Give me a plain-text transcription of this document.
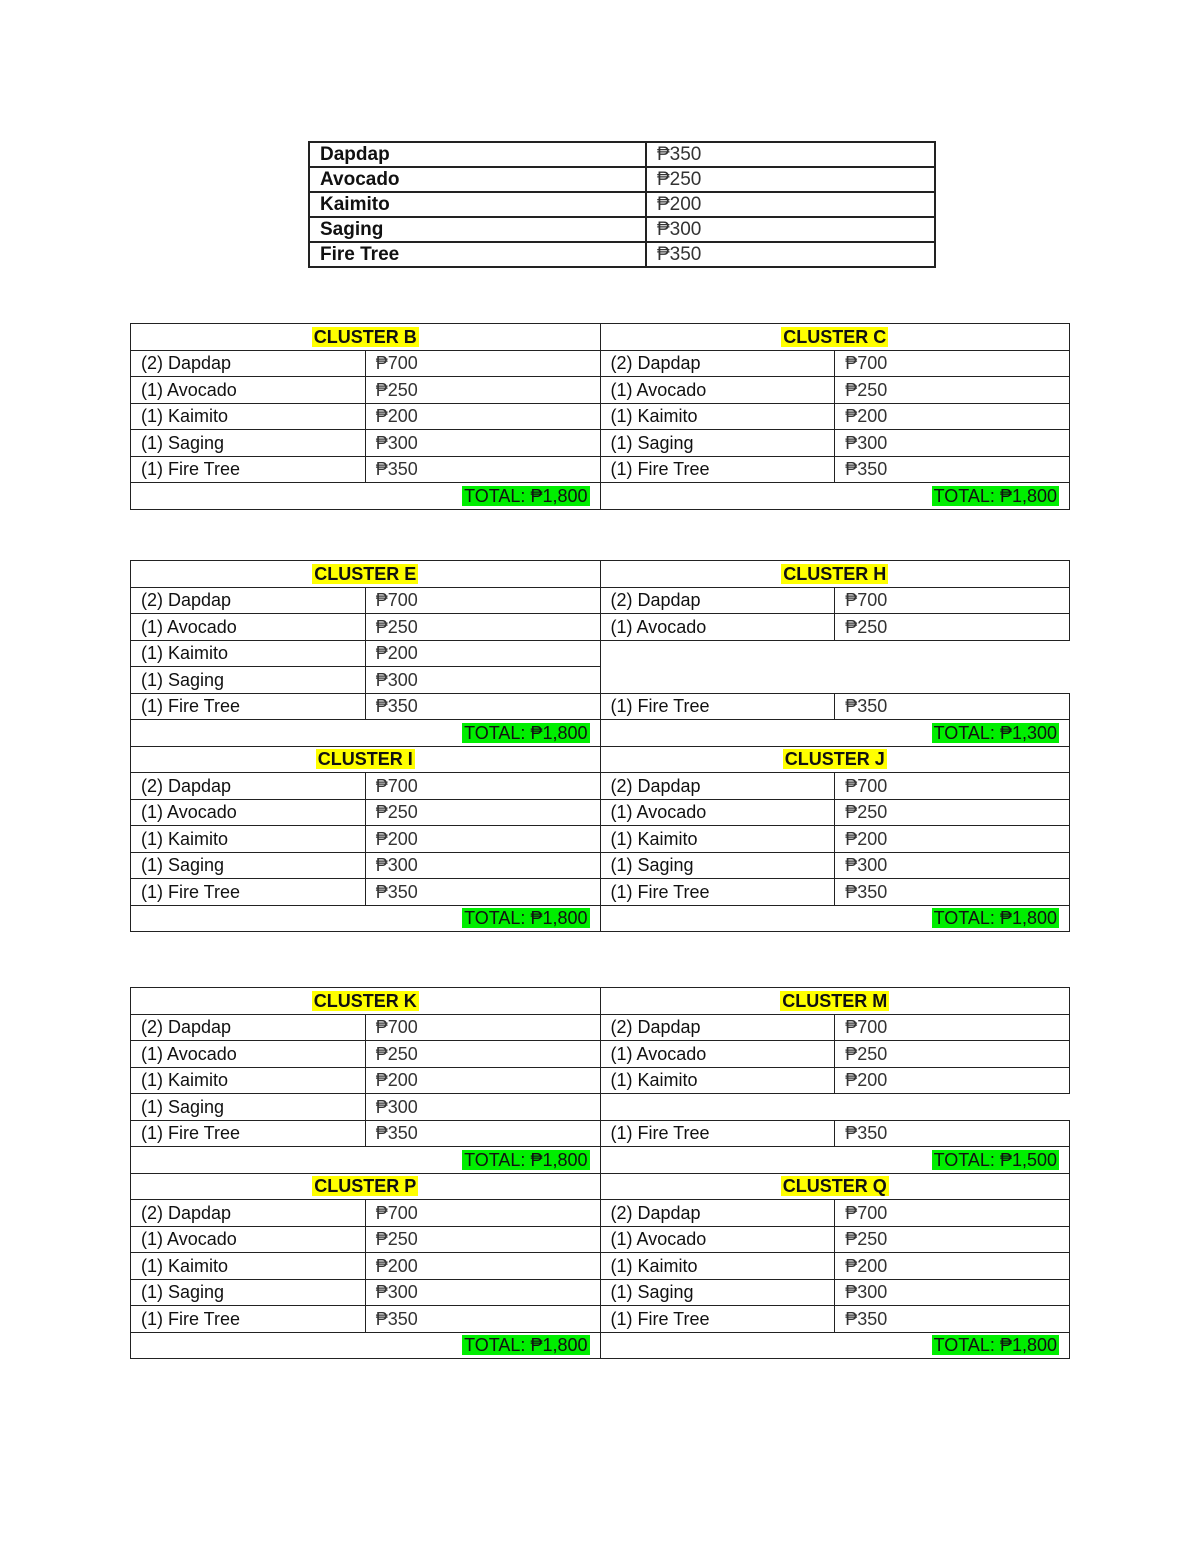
Dapdap	₱350
Avocado	₱250
Kaimito	₱200
Saging	₱300
Fire Tree	₱350
CLUSTER B		CLUSTER C	
(2) Dapdap	₱700	(2) Dapdap	₱700
(1) Avocado	₱250	(1) Avocado	₱250
(1) Kaimito	₱200	(1) Kaimito	₱200
(1) Saging	₱300	(1) Saging	₱300
(1) Fire Tree	₱350	(1) Fire Tree	₱350
TOTAL: ₱1,800		TOTAL: ₱1,800	
CLUSTER E		CLUSTER H	
(2) Dapdap	₱700	(2) Dapdap	₱700
(1) Avocado	₱250	(1) Avocado	₱250
(1) Kaimito	₱200		
(1) Saging	₱300		
(1) Fire Tree	₱350	(1) Fire Tree	₱350
TOTAL: ₱1,800		TOTAL: ₱1,300	
CLUSTER I		CLUSTER J	
(2) Dapdap	₱700	(2) Dapdap	₱700
(1) Avocado	₱250	(1) Avocado	₱250
(1) Kaimito	₱200	(1) Kaimito	₱200
(1) Saging	₱300	(1) Saging	₱300
(1) Fire Tree	₱350	(1) Fire Tree	₱350
TOTAL: ₱1,800		TOTAL: ₱1,800	
CLUSTER K		CLUSTER M	
(2) Dapdap	₱700	(2) Dapdap	₱700
(1) Avocado	₱250	(1) Avocado	₱250
(1) Kaimito	₱200	(1) Kaimito	₱200
(1) Saging	₱300		
(1) Fire Tree	₱350	(1) Fire Tree	₱350
TOTAL: ₱1,800		TOTAL: ₱1,500	
CLUSTER P		CLUSTER Q	
(2) Dapdap	₱700	(2) Dapdap	₱700
(1) Avocado	₱250	(1) Avocado	₱250
(1) Kaimito	₱200	(1) Kaimito	₱200
(1) Saging	₱300	(1) Saging	₱300
(1) Fire Tree	₱350	(1) Fire Tree	₱350
TOTAL: ₱1,800		TOTAL: ₱1,800	
